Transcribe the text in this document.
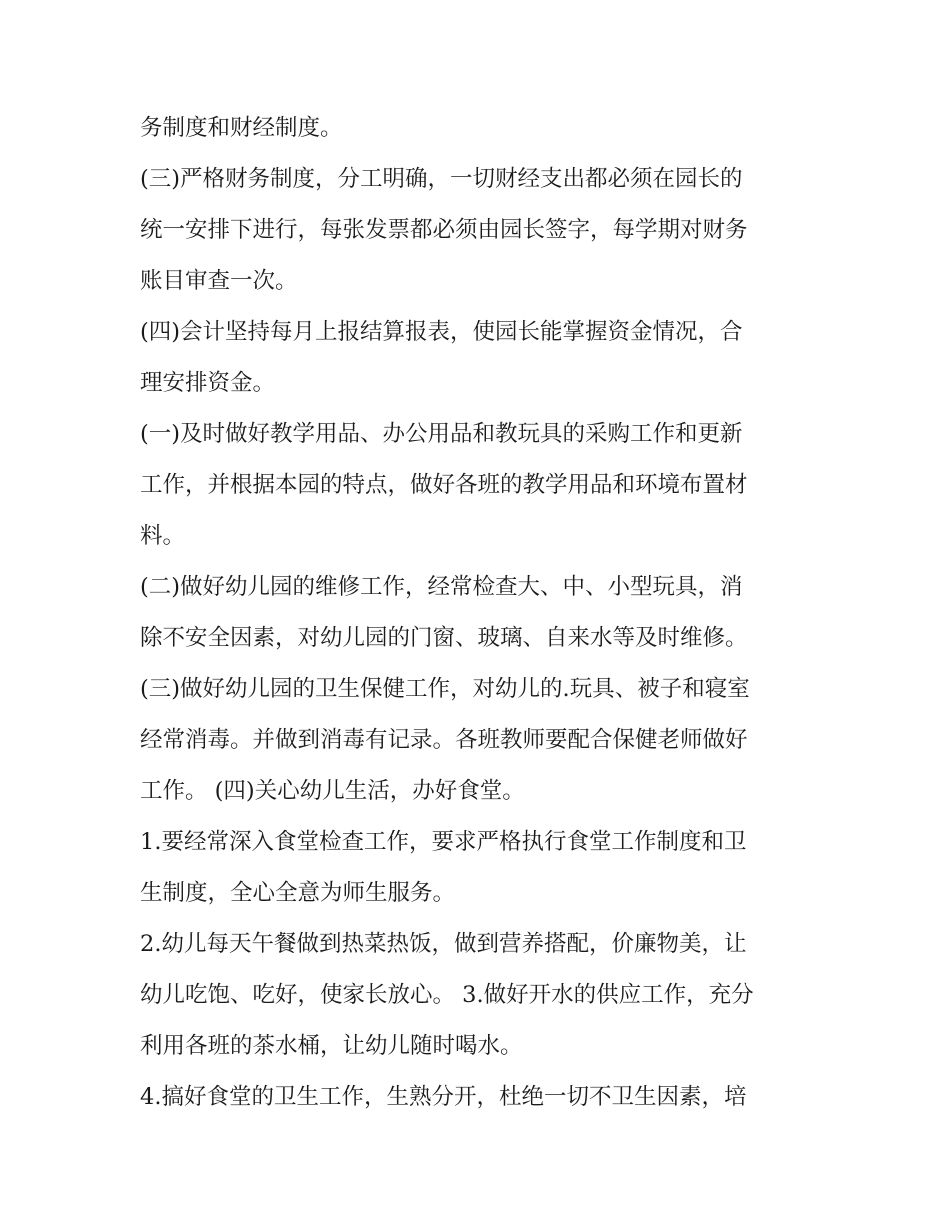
务制度和财经制度。
(三)严格财务制度，分工明确，一切财经支出都必须在园长的
统一安排下进行，每张发票都必须由园长签字，每学期对财务
账目审查一次。
(四)会计坚持每月上报结算报表，使园长能掌握资金情况，合
理安排资金。
(一)及时做好教学用品、办公用品和教玩具的采购工作和更新
工作，并根据本园的特点，做好各班的教学用品和环境布置材
料。
(二)做好幼儿园的维修工作，经常检查大、中、小型玩具，消
除不安全因素，对幼儿园的门窗、玻璃、自来水等及时维修。
(三)做好幼儿园的卫生保健工作，对幼儿的.玩具、被子和寝室
经常消毒。并做到消毒有记录。各班教师要配合保健老师做好
工作。 (四)关心幼儿生活，办好食堂。
1.要经常深入食堂检查工作，要求严格执行食堂工作制度和卫
生制度，全心全意为师生服务。
2.幼儿每天午餐做到热菜热饭，做到营养搭配，价廉物美，让
幼儿吃饱、吃好，使家长放心。 3.做好开水的供应工作，充分
利用各班的茶水桶，让幼儿随时喝水。
4.搞好食堂的卫生工作，生熟分开，杜绝一切不卫生因素，培
